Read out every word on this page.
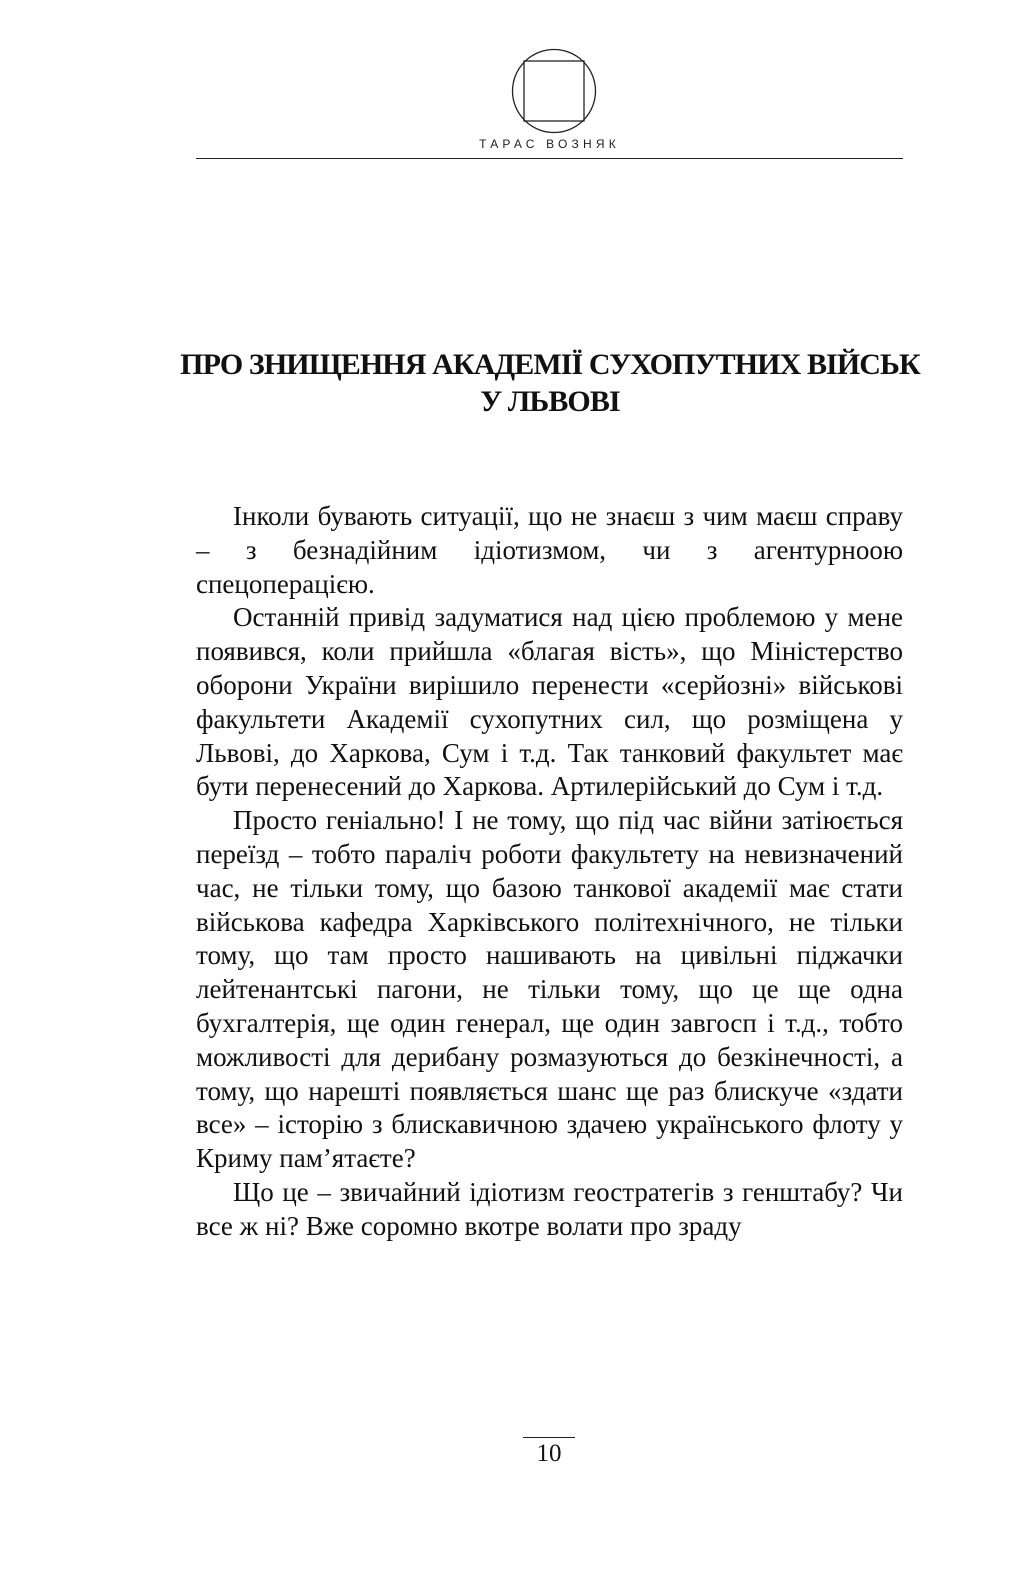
ТАРАС ВОЗНЯК
ПРО ЗНИЩЕННЯ АКАДЕМІЇ СУХОПУТНИХ ВІЙСЬК
У ЛЬВОВІ

Інколи бувають ситуації, що не знаєш з чим маєш справу – з безнадійним ідіотизмом, чи з агентурноою спецоперацією.

Останній привід задуматися над цією проблемою у мене появився, коли прийшла «благая вість», що Міністерство оборони України вирішило перенести «серйозні» військові факультети Академії сухопутних сил, що розміщена у Львові, до Харкова, Сум і т.д. Так танковий факультет має бути перенесений до Харкова. Артилерійський до Сум і т.д.

Просто геніально! І не тому, що під час війни затіюється переїзд – тобто параліч роботи факультету на невизначений час, не тільки тому, що базою танкової академії має стати військова кафедра Харківського політехнічного, не тільки тому, що там просто нашивають на цивільні піджачки лейтенантські пагони, не тільки тому, що це ще одна бухгалтерія, ще один генерал, ще один завгосп і т.д., тобто можливості для дерибану розмазуються до безкінечності, а тому, що нарешті появляється шанс ще раз блискуче «здати все» – історію з блискавичною здачею українського флоту у Криму пам’ятаєте?

Що це – звичайний ідіотизм геостратегів з генштабу? Чи все ж ні? Вже соромно вкотре волати про зраду

10
